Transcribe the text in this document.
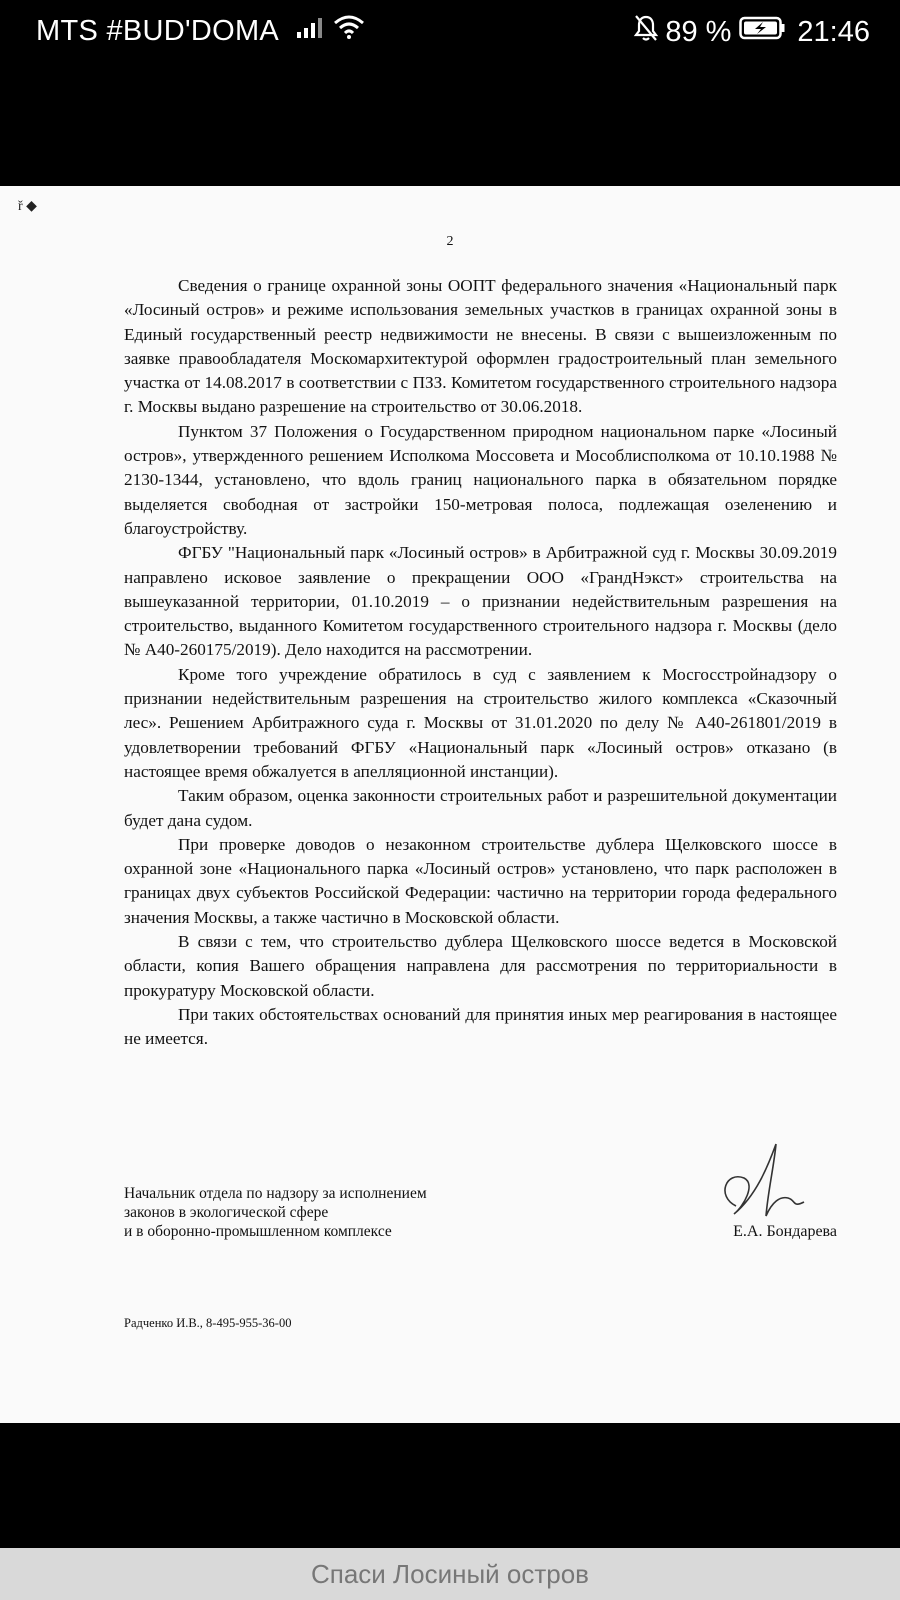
MTS #BUD'DOMA	89 % 21:46
ř ◆
2

Сведения о границе охранной зоны ООПТ федерального значения «Национальный парк «Лосиный остров» и режиме использования земельных участков в границах охранной зоны в Единый государственный реестр недвижимости не внесены. В связи с вышеизложенным по заявке правообладателя Москомархитектурой оформлен градостроительный план земельного участка от 14.08.2017 в соответствии с ПЗЗ. Комитетом государственного строительного надзора г. Москвы выдано разрешение на строительство от 30.06.2018.

Пунктом 37 Положения о Государственном природном национальном парке «Лосиный остров», утвержденного решением Исполкома Моссовета и Мособлисполкома от 10.10.1988 № 2130-1344, установлено, что вдоль границ национального парка в обязательном порядке выделяется свободная от застройки 150-метровая полоса, подлежащая озеленению и благоустройству.

ФГБУ "Национальный парк «Лосиный остров» в Арбитражной суд г. Москвы 30.09.2019 направлено исковое заявление о прекращении ООО «ГрандНэкст» строительства на вышеуказанной территории, 01.10.2019 – о признании недействительным разрешения на строительство, выданного Комитетом государственного строительного надзора г. Москвы (дело № А40-260175/2019). Дело находится на рассмотрении.

Кроме того учреждение обратилось в суд с заявлением к Мосгосстройнадзору о признании недействительным разрешения на строительство жилого комплекса «Сказочный лес». Решением Арбитражного суда г. Москвы от 31.01.2020 по делу № А40-261801/2019 в удовлетворении требований ФГБУ «Национальный парк «Лосиный остров» отказано (в настоящее время обжалуется в апелляционной инстанции).

Таким образом, оценка законности строительных работ и разрешительной документации будет дана судом.

При проверке доводов о незаконном строительстве дублера Щелковского шоссе в охранной зоне «Национального парка «Лосиный остров» установлено, что парк расположен в границах двух субъектов Российской Федерации: частично на территории города федерального значения Москвы, а также частично в Московской области.

В связи с тем, что строительство дублера Щелковского шоссе ведется в Московской области, копия Вашего обращения направлена для рассмотрения по территориальности в прокуратуру Московской области.

При таких обстоятельствах оснований для принятия иных мер реагирования в настоящее не имеется.

Начальник отдела по надзору за исполнением
законов в экологической сфере
и в оборонно-промышленном комплексе	Е.А. Бондарева
Радченко И.В., 8-495-955-36-00
Спаси Лосиный остров
